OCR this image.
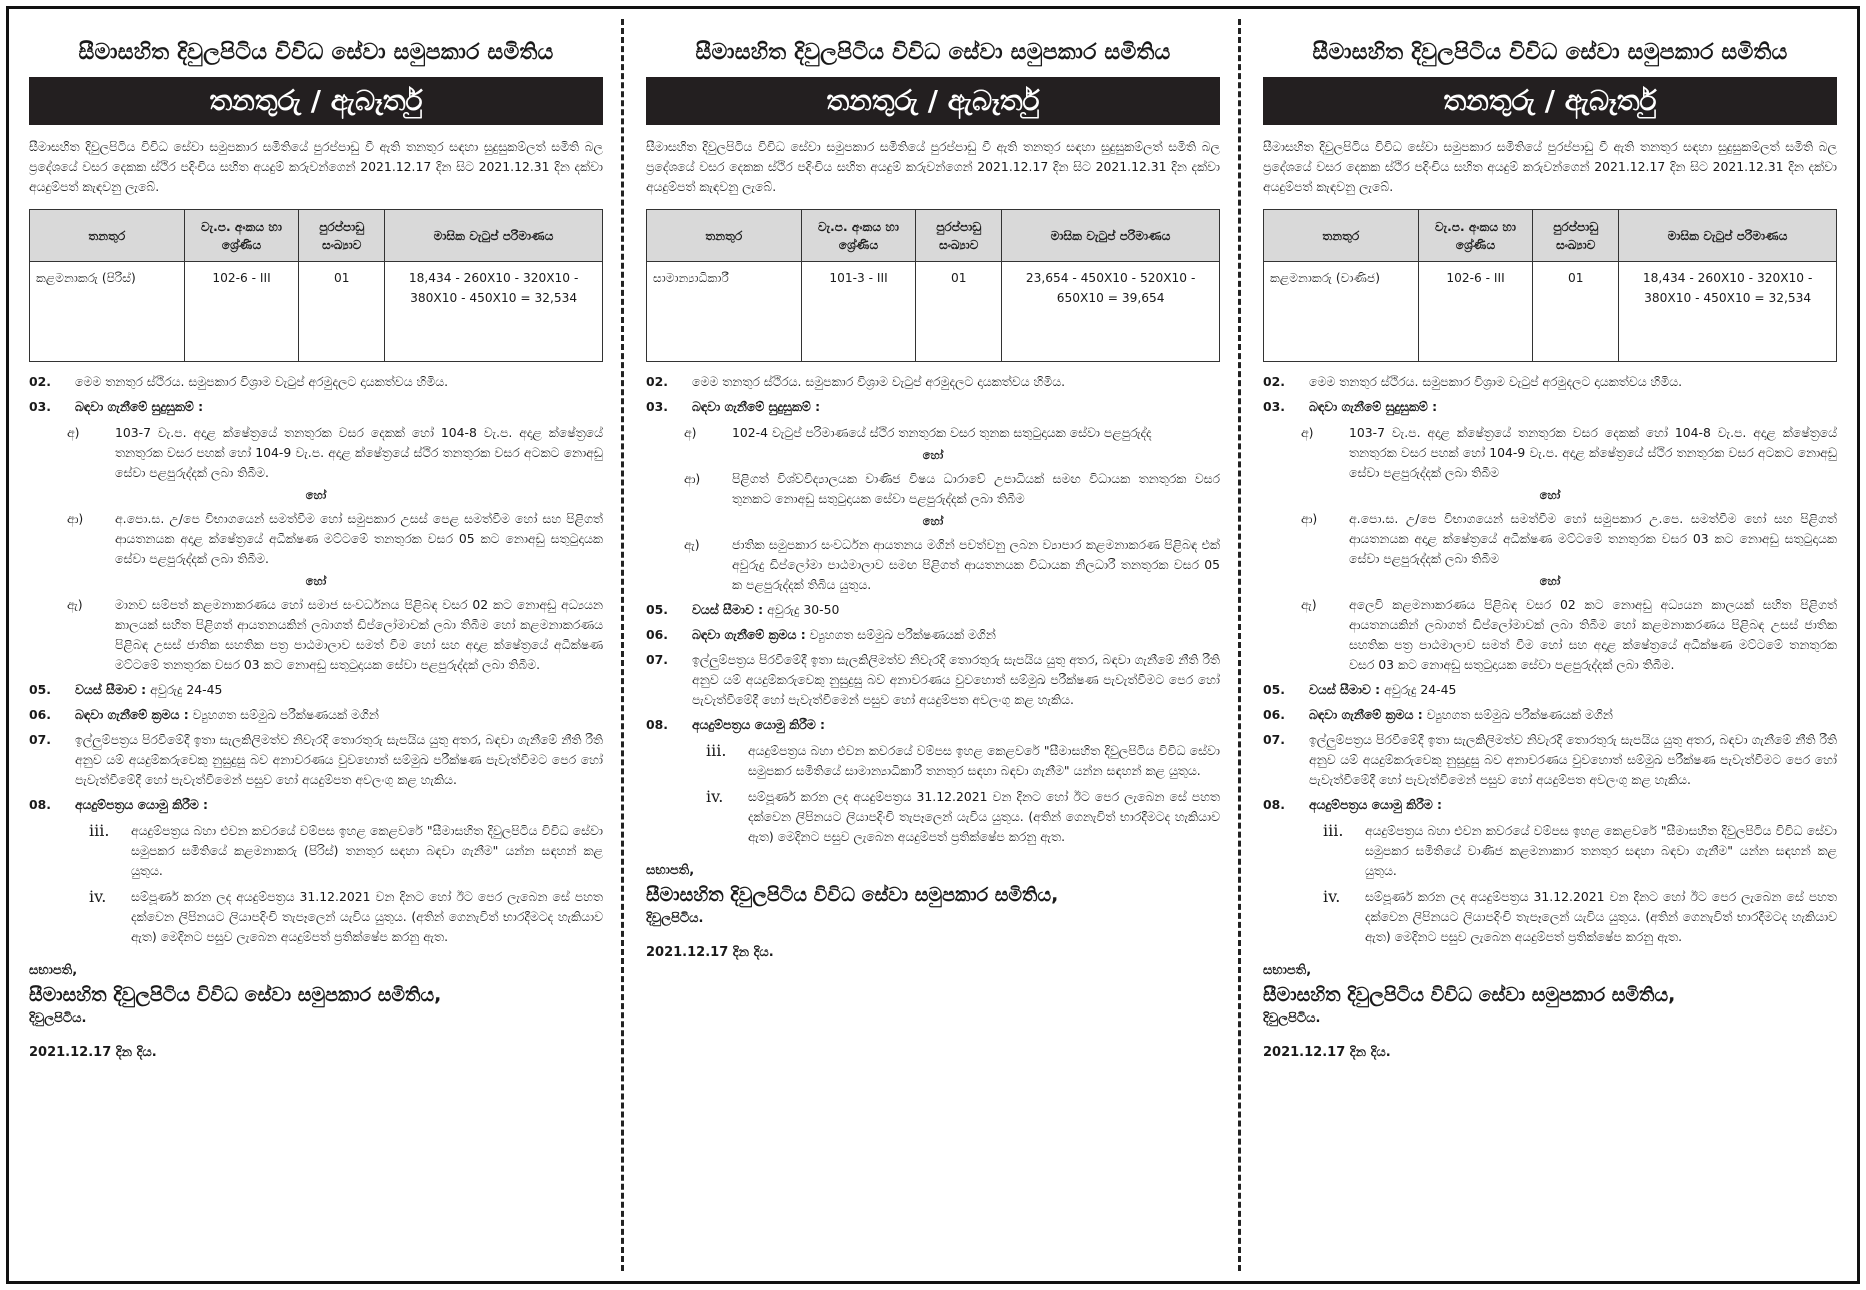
සීමාසහිත දිවුලපිටිය විවිධ සේවා සමුපකාර සමිතිය
තනතුරු / ඇබෑර්තු
සීමාසහිත දිවුලපිටිය විවිධ සේවා සමුපකාර සමිතියේ පුරප්පාඩු වී ඇති තනතුර සඳහා සුදුසුකම්ලත් සමිති බල ප්‍රදේශයේ වසර දෙකක ස්ථිර පදිංචිය සහිත අයදුම් කරුවන්ගෙන් 2021.12.17 දින සිට 2021.12.31 දින දක්වා අයදුම්පත් කැඳවනු ලැබේ.
තනතුර	වැ.ප. අංකය හා ශ්‍රේණිය	පුරප්පාඩු සංඛ්‍යාව	මාසික වැටුප් පරිමාණය
කළමනාකරු (පිරිස්)	102-6 - III	01	18,434 - 260X10 - 320X10 - 380X10 - 450X10 = 32,534
02.	මෙම තනතුර ස්ථිරය. සමුපකාර විශ්‍රාම වැටුප් අරමුදලට දායකත්වය හිමිය.
03.	බඳවා ගැනීමේ සුදුසුකම් :
අ)	103-7 වැ.ප. අදාළ ක්ෂේත්‍රයේ තනතුරක වසර දෙකක් හෝ 104-8 වැ.ප. අදාළ ක්ෂේත්‍රයේ තනතුරක වසර පහක් හෝ 104-9 වැ.ප. අදාළ ක්ෂේත්‍රයේ ස්ථිර තනතුරක වසර අටකට නොඅඩු සේවා පළපුරුද්දක් ලබා තිබීම.
හෝ
ආ)	අ.පො.ස. උ/පෙ විභාගයෙන් සමත්වීම හෝ සමුපකාර උසස් පෙළ සමත්වීම හෝ සහ පිළිගත් ආයතනයක අදාළ ක්ෂේත්‍රයේ අධීක්ෂණ මට්ටමේ තනතුරක වසර 05 කට නොඅඩු සතුටුදායක සේවා පළපුරුද්දක් ලබා තිබීම.
හෝ
ඇ)	මානව සම්පත් කළමනාකරණය හෝ සමාජ සංවර්ධනය පිළිබඳ වසර 02 කට නොඅඩු අධ්‍යයන කාලයක් සහිත පිළිගත් ආයතනයකින් ලබාගත් ඩිප්ලෝමාවක් ලබා තිබීම හෝ කළමනාකරණය පිළිබඳ උසස් ජාතික සහතික පත්‍ර පාඨමාලාව සමත් වීම හෝ සහ අදාළ ක්ෂේත්‍රයේ අධීක්ෂණ මට්ටමේ තනතුරක වසර 03 කට නොඅඩු සතුටුදායක සේවා පළපුරුද්දක් ලබා තිබීම.
05.	වයස් සීමාව : අවුරුදු 24-45
06.	බඳවා ගැනීමේ ක්‍රමය : ව්‍යුහගත සම්මුඛ පරීක්ෂණයක් මගින්
07.	ඉල්ලුම්පත්‍රය පිරවීමේදී ඉතා සැලකිලිමත්ව නිවැරදි තොරතුරු සැපයිය යුතු අතර, බඳවා ගැනීමේ නීති රීති අනුව යම් අයදුම්කරුවෙකු නුසුදුසු බව අනාවරණය වුවහොත් සම්මුඛ පරීක්ෂණ පැවැත්වීමට පෙර හෝ පැවැත්වීමේදී හෝ පැවැත්වීමෙන් පසුව හෝ අයදුම්පත අවලංගු කළ හැකිය.
08.	අයදුම්පත්‍රය යොමු කිරීම :
iii.	අයදුම්පත්‍රය බහා එවන කවරයේ වම්පස ඉහළ කෙළවරේ "සීමාසහිත දිවුලපිටිය විවිධ සේවා සමුපකර සමිතියේ කළමනාකරු (පිරිස්) තනතුර සඳහා බඳවා ගැනීම" යන්න සඳහන් කළ යුතුය.
iv.	සම්පූර්ණ කරන ලද අයදුම්පත්‍රය 31.12.2021 වන දිනට හෝ ඊට පෙර ලැබෙන සේ පහත දක්වෙන ලිපිනයට ලියාපදිංචි තැපෑලෙන් යැවිය යුතුය. (අතින් ගෙනැවිත් භාරදීමටද හැකියාව ඇත) මෙදිනට පසුව ලැබෙන අයදුම්පත් ප්‍රතික්ෂේප කරනු ඇත.
සභාපති,
සීමාසහිත දිවුලපිටිය විවිධ සේවා සමුපකාර සමිතිය,
දිවුලපිටිය.
2021.12.17 දින දිය.
සීමාසහිත දිවුලපිටිය විවිධ සේවා සමුපකාර සමිතිය
තනතුරු / ඇබෑර්තු
සීමාසහිත දිවුලපිටිය විවිධ සේවා සමුපකාර සමිතියේ පුරප්පාඩු වී ඇති තනතුර සඳහා සුදුසුකම්ලත් සමිති බල ප්‍රදේශයේ වසර දෙකක ස්ථිර පදිංචිය සහිත අයදුම් කරුවන්ගෙන් 2021.12.17 දින සිට 2021.12.31 දින දක්වා අයදුම්පත් කැඳවනු ලැබේ.
තනතුර	වැ.ප. අංකය හා ශ්‍රේණිය	පුරප්පාඩු සංඛ්‍යාව	මාසික වැටුප් පරිමාණය
සාමාන්‍යාධිකාරී	101-3 - III	01	23,654 - 450X10 - 520X10 - 650X10 = 39,654
02.	මෙම තනතුර ස්ථිරය. සමුපකාර විශ්‍රාම වැටුප් අරමුදලට දායකත්වය හිමිය.
03.	බඳවා ගැනීමේ සුදුසුකම් :
අ)	102-4 වැටුප් පරිමාණයේ ස්ථිර තනතුරක වසර තුනක සතුටුදායක සේවා පළපුරුද්ද
හෝ
ආ)	පිළිගත් විශ්වවිද්‍යාලයක වාණිජ විෂය ධාරාවේ උපාධියක් සමඟ විධායක තනතුරක වසර තුනකට නොඅඩු සතුටුදායක සේවා පළපුරුද්දක් ලබා තිබීම
හෝ
ඇ)	ජාතික සමුපකාර සංවර්ධන ආයතනය මගින් පවත්වනු ලබන ව්‍යාපාර කළමනාකරණ පිළිබඳ එක් අවුරුදු ඩිප්ලෝමා පාඨමාලාව සමඟ පිළිගත් ආයතනයක විධායක නිලධාරී තනතුරක වසර 05 ක පළපුරුද්දක් තිබිය යුතුය.
05.	වයස් සීමාව : අවුරුදු 30-50
06.	බඳවා ගැනීමේ ක්‍රමය : ව්‍යුහගත සම්මුඛ පරීක්ෂණයක් මගින්
07.	ඉල්ලුම්පත්‍රය පිරවීමේදී ඉතා සැලකිලිමත්ව නිවැරදි තොරතුරු සැපයිය යුතු අතර, බඳවා ගැනීමේ නීති රීති අනුව යම් අයදුම්කරුවෙකු නුසුදුසු බව අනාවරණය වුවහොත් සම්මුඛ පරීක්ෂණ පැවැත්වීමට පෙර හෝ පැවැත්වීමේදී හෝ පැවැත්වීමෙන් පසුව හෝ අයදුම්පත අවලංගු කළ හැකිය.
08.	අයදුම්පත්‍රය යොමු කිරීම :
iii.	අයදුම්පත්‍රය බහා එවන කවරයේ වම්පස ඉහළ කෙළවරේ "සීමාසහිත දිවුලපිටිය විවිධ සේවා සමුපකර සමිතියේ සාමාන්‍යාධිකාරී තනතුර සඳහා බඳවා ගැනීම" යන්න සඳහන් කළ යුතුය.
iv.	සම්පූර්ණ කරන ලද අයදුම්පත්‍රය 31.12.2021 වන දිනට හෝ ඊට පෙර ලැබෙන සේ පහත දක්වෙන ලිපිනයට ලියාපදිංචි තැපෑලෙන් යැවිය යුතුය. (අතින් ගෙනැවිත් භාරදීමටද හැකියාව ඇත) මෙදිනට පසුව ලැබෙන අයදුම්පත් ප්‍රතික්ෂේප කරනු ඇත.
සභාපති,
සීමාසහිත දිවුලපිටිය විවිධ සේවා සමුපකාර සමිතිය,
දිවුලපිටිය.
2021.12.17 දින දිය.
සීමාසහිත දිවුලපිටිය විවිධ සේවා සමුපකාර සමිතිය
තනතුරු / ඇබෑර්තු
සීමාසහිත දිවුලපිටිය විවිධ සේවා සමුපකාර සමිතියේ පුරප්පාඩු වී ඇති තනතුර සඳහා සුදුසුකම්ලත් සමිති බල ප්‍රදේශයේ වසර දෙකක ස්ථිර පදිංචිය සහිත අයදුම් කරුවන්ගෙන් 2021.12.17 දින සිට 2021.12.31 දින දක්වා අයදුම්පත් කැඳවනු ලැබේ.
තනතුර	වැ.ප. අංකය හා ශ්‍රේණිය	පුරප්පාඩු සංඛ්‍යාව	මාසික වැටුප් පරිමාණය
කළමනාකරු (වාණිජ)	102-6 - III	01	18,434 - 260X10 - 320X10 - 380X10 - 450X10 = 32,534
02.	මෙම තනතුර ස්ථිරය. සමුපකාර විශ්‍රාම වැටුප් අරමුදලට දායකත්වය හිමිය.
03.	බඳවා ගැනීමේ සුදුසුකම් :
අ)	103-7 වැ.ප. අදාළ ක්ෂේත්‍රයේ තනතුරක වසර දෙකක් හෝ 104-8 වැ.ප. අදාළ ක්ෂේත්‍රයේ තනතුරක වසර පහක් හෝ 104-9 වැ.ප. අදාළ ක්ෂේත්‍රයේ ස්ථිර තනතුරක වසර අටකට නොඅඩු සේවා පළපුරුද්දක් ලබා තිබීම
හෝ
ආ)	අ.පො.ස. උ/පෙ විභාගයෙන් සමත්වීම හෝ සමුපකාර උ.පෙ. සමත්වීම හෝ සහ පිළිගත් ආයතනයක අදාළ ක්ෂේත්‍රයේ අධීක්ෂණ මට්ටමේ තනතුරක වසර 03 කට නොඅඩු සතුටුදායක සේවා පළපුරුද්දක් ලබා තිබීම
හෝ
ඇ)	අලෙවි කළමනාකරණය පිළිබඳ වසර 02 කට නොඅඩු අධ්‍යයන කාලයක් සහිත පිළිගත් ආයතනයකින් ලබාගත් ඩිප්ලෝමාවක් ලබා තිබීම හෝ කළමනාකරණය පිළිබඳ උසස් ජාතික සහතික පත්‍ර පාඨමාලාව සමත් වීම හෝ සහ අදාළ ක්ෂේත්‍රයේ අධීක්ෂණ මට්ටමේ තනතුරක වසර 03 කට නොඅඩු සතුටුදායක සේවා පළපුරුද්දක් ලබා තිබීම.
05.	වයස් සීමාව : අවුරුදු 24-45
06.	බඳවා ගැනීමේ ක්‍රමය : ව්‍යුහගත සම්මුඛ පරීක්ෂණයක් මගින්
07.	ඉල්ලුම්පත්‍රය පිරවීමේදී ඉතා සැලකිලිමත්ව නිවැරදි තොරතුරු සැපයිය යුතු අතර, බඳවා ගැනීමේ නීති රීති අනුව යම් අයදුම්කරුවෙකු නුසුදුසු බව අනාවරණය වුවහොත් සම්මුඛ පරීක්ෂණ පැවැත්වීමට පෙර හෝ පැවැත්වීමේදී හෝ පැවැත්වීමෙන් පසුව හෝ අයදුම්පත අවලංගු කළ හැකිය.
08.	අයදුම්පත්‍රය යොමු කිරීම :
iii.	අයදුම්පත්‍රය බහා එවන කවරයේ වම්පස ඉහළ කෙළවරේ "සීමාසහිත දිවුලපිටිය විවිධ සේවා සමුපකර සමිතියේ වාණිජ කළමනාකාර තනතුර සඳහා බඳවා ගැනීම" යන්න සඳහන් කළ යුතුය.
iv.	සම්පූර්ණ කරන ලද අයදුම්පත්‍රය 31.12.2021 වන දිනට හෝ ඊට පෙර ලැබෙන සේ පහත දක්වෙන ලිපිනයට ලියාපදිංචි තැපෑලෙන් යැවිය යුතුය. (අතින් ගෙනැවිත් භාරදීමටද හැකියාව ඇත) මෙදිනට පසුව ලැබෙන අයදුම්පත් ප්‍රතික්ෂේප කරනු ඇත.
සභාපති,
සීමාසහිත දිවුලපිටිය විවිධ සේවා සමුපකාර සමිතිය,
දිවුලපිටිය.
2021.12.17 දින දිය.
